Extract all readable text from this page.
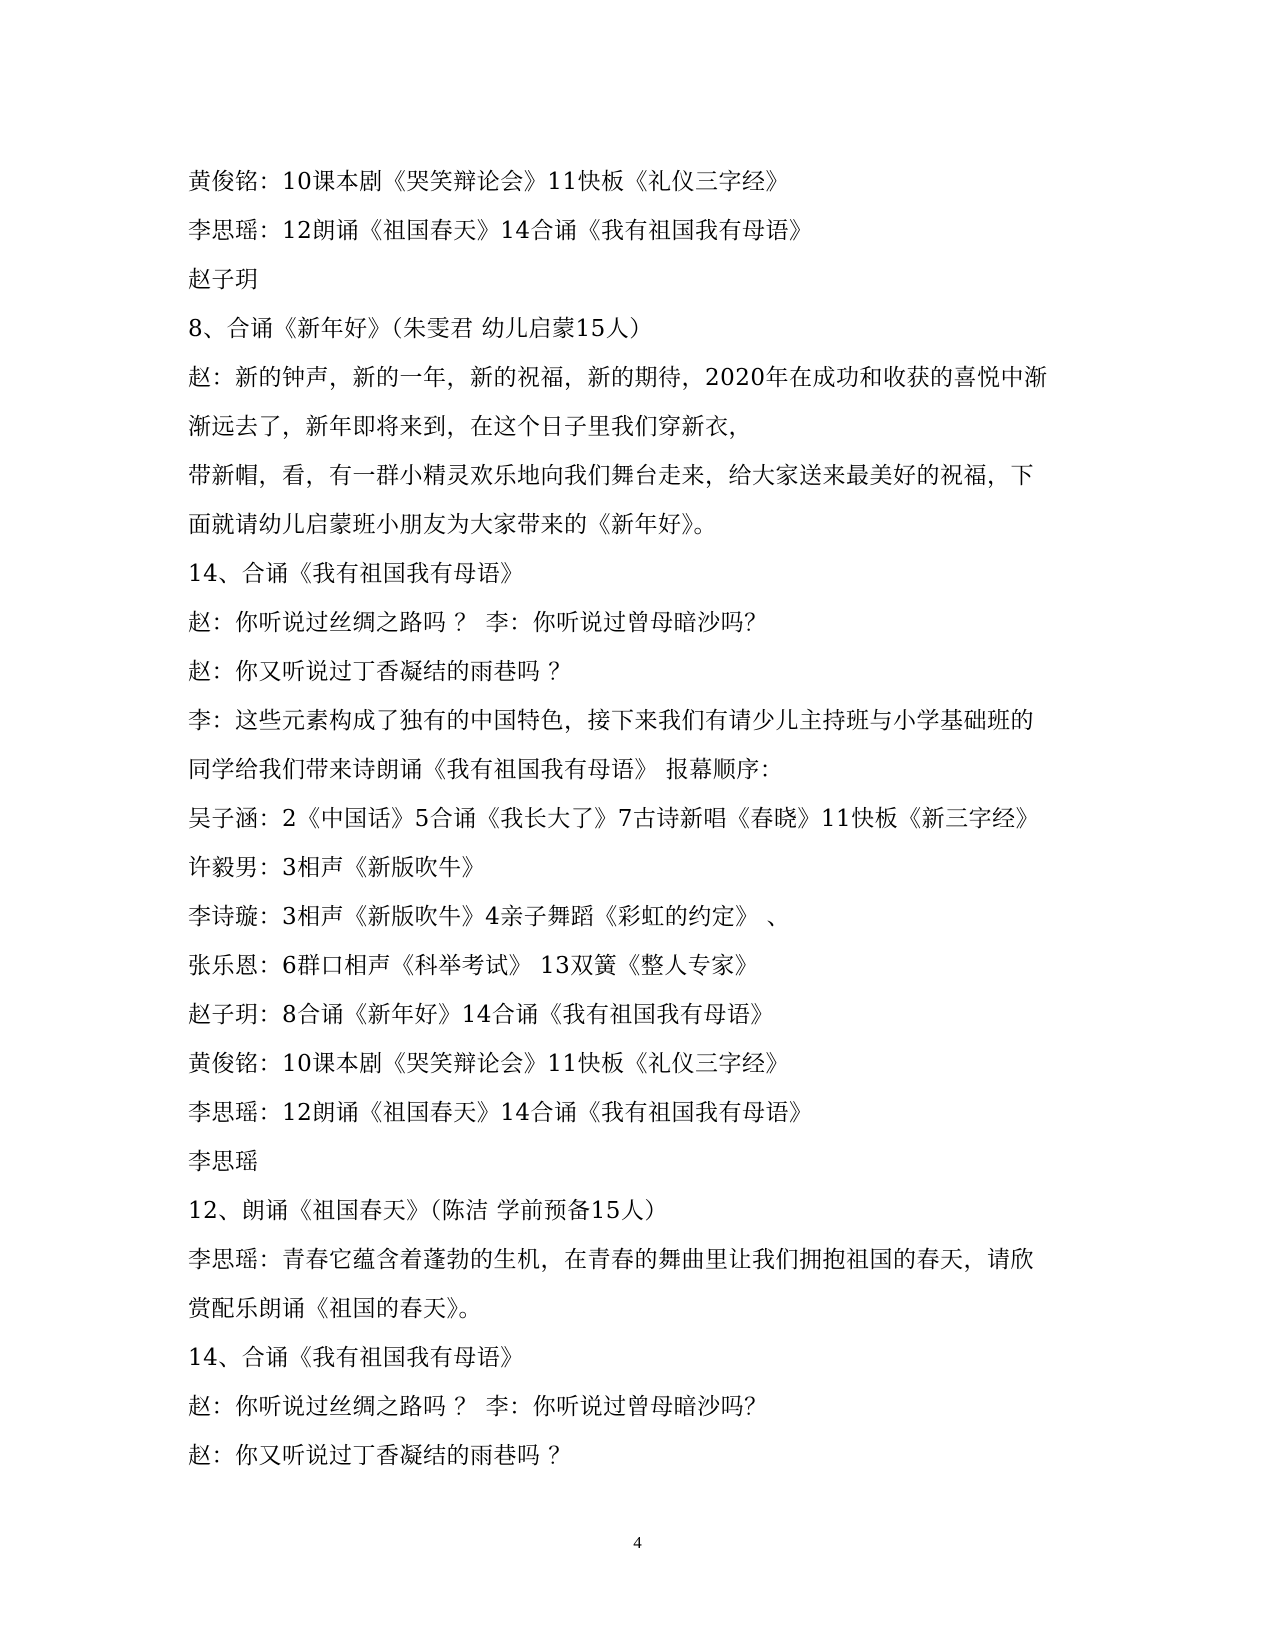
黄俊铭：10课本剧《哭笑辩论会》11快板《礼仪三字经》
李思瑶：12朗诵《祖国春天》14合诵《我有祖国我有母语》
赵子玥
8、合诵《新年好》（朱雯君 幼儿启蒙15人）
赵：新的钟声，新的一年，新的祝福，新的期待，2020年在成功和收获的喜悦中渐
渐远去了，新年即将来到，在这个日子里我们穿新衣，
带新帽，看，有一群小精灵欢乐地向我们舞台走来，给大家送来最美好的祝福，下
面就请幼儿启蒙班小朋友为大家带来的《新年好》。
14、合诵《我有祖国我有母语》
赵：你听说过丝绸之路吗 ？ 李：你听说过曾母暗沙吗？
赵：你又听说过丁香凝结的雨巷吗 ？
李：这些元素构成了独有的中国特色，接下来我们有请少儿主持班与小学基础班的
同学给我们带来诗朗诵《我有祖国我有母语》 报幕顺序：
吴子涵：2《中国话》5合诵《我长大了》7古诗新唱《春晓》11快板《新三字经》
许毅男：3相声《新版吹牛》
李诗璇：3相声《新版吹牛》4亲子舞蹈《彩虹的约定》 、
张乐恩：6群口相声《科举考试》 13双簧《整人专家》
赵子玥：8合诵《新年好》14合诵《我有祖国我有母语》
黄俊铭：10课本剧《哭笑辩论会》11快板《礼仪三字经》
李思瑶：12朗诵《祖国春天》14合诵《我有祖国我有母语》
李思瑶
12、朗诵《祖国春天》（陈洁 学前预备15人）
李思瑶：青春它蕴含着蓬勃的生机，在青春的舞曲里让我们拥抱祖国的春天，请欣
赏配乐朗诵《祖国的春天》。
14、合诵《我有祖国我有母语》
赵：你听说过丝绸之路吗 ？ 李：你听说过曾母暗沙吗？
赵：你又听说过丁香凝结的雨巷吗 ？
4
